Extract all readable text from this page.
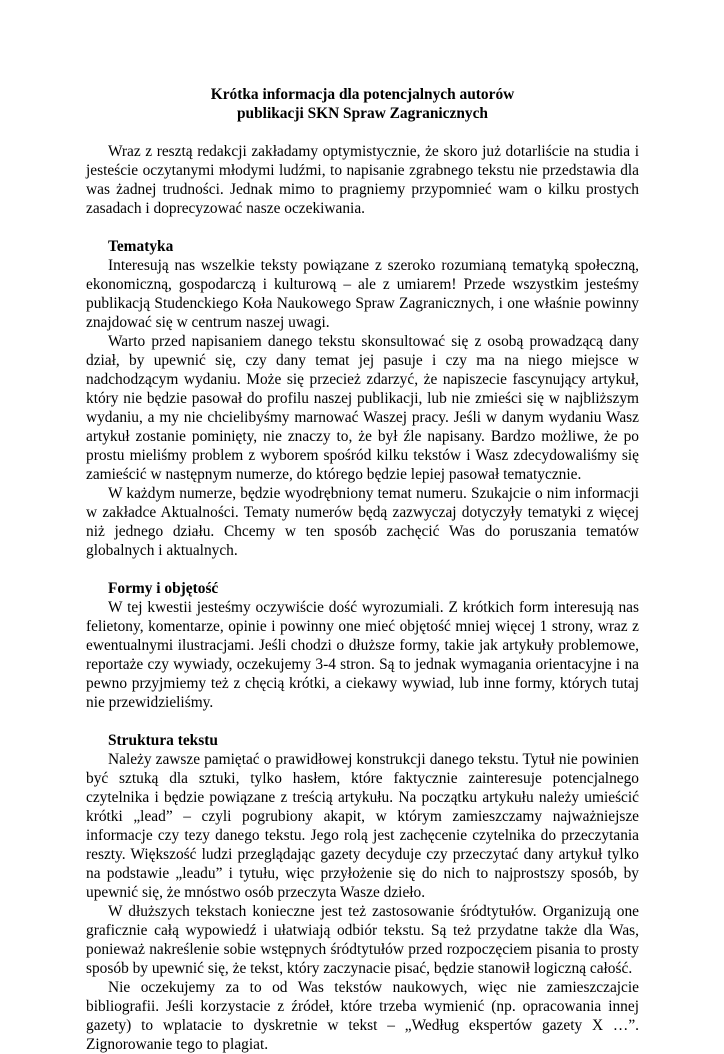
Krótka informacja dla potencjalnych autorów
publikacji SKN Spraw Zagranicznych

Wraz z resztą redakcji zakładamy optymistycznie, że skoro już dotarliście na studia i jesteście oczytanymi młodymi ludźmi, to napisanie zgrabnego tekstu nie przedstawia dla was żadnej trudności. Jednak mimo to pragniemy przypomnieć wam o kilku prostych zasadach i doprecyzować nasze oczekiwania.

Tematyka

Interesują nas wszelkie teksty powiązane z szeroko rozumianą tematyką społeczną, ekonomiczną, gospodarczą i kulturową – ale z umiarem! Przede wszystkim jesteśmy publikacją Studenckiego Koła Naukowego Spraw Zagranicznych, i one właśnie powinny znajdować się w centrum naszej uwagi.

Warto przed napisaniem danego tekstu skonsultować się z osobą prowadzącą dany dział, by upewnić się, czy dany temat jej pasuje i czy ma na niego miejsce w nadchodzącym wydaniu. Może się przecież zdarzyć, że napiszecie fascynujący artykuł, który nie będzie pasował do profilu naszej publikacji, lub nie zmieści się w najbliższym wydaniu, a my nie chcielibyśmy marnować Waszej pracy. Jeśli w danym wydaniu Wasz artykuł zostanie pominięty, nie znaczy to, że był źle napisany. Bardzo możliwe, że po prostu mieliśmy problem z wyborem spośród kilku tekstów i Wasz zdecydowaliśmy się zamieścić w następnym numerze, do którego będzie lepiej pasował tematycznie.

W każdym numerze, będzie wyodrębniony temat numeru. Szukajcie o nim informacji w zakładce Aktualności. Tematy numerów będą zazwyczaj dotyczyły tematyki z więcej niż jednego działu. Chcemy w ten sposób zachęcić Was do poruszania tematów globalnych i aktualnych.

Formy i objętość

W tej kwestii jesteśmy oczywiście dość wyrozumiali. Z krótkich form interesują nas felietony, komentarze, opinie i powinny one mieć objętość mniej więcej 1 strony, wraz z ewentualnymi ilustracjami. Jeśli chodzi o dłuższe formy, takie jak artykuły problemowe, reportaże czy wywiady, oczekujemy 3-4 stron. Są to jednak wymagania orientacyjne i na pewno przyjmiemy też z chęcią krótki, a ciekawy wywiad, lub inne formy, których tutaj nie przewidzieliśmy.

Struktura tekstu

Należy zawsze pamiętać o prawidłowej konstrukcji danego tekstu. Tytuł nie powinien być sztuką dla sztuki, tylko hasłem, które faktycznie zainteresuje potencjalnego czytelnika i będzie powiązane z treścią artykułu. Na początku artykułu należy umieścić krótki „lead” – czyli pogrubiony akapit, w którym zamieszczamy najważniejsze informacje czy tezy danego tekstu. Jego rolą jest zachęcenie czytelnika do przeczytania reszty. Większość ludzi przeglądając gazety decyduje czy przeczytać dany artykuł tylko na podstawie „leadu” i tytułu, więc przyłożenie się do nich to najprostszy sposób, by upewnić się, że mnóstwo osób przeczyta Wasze dzieło.

W dłuższych tekstach konieczne jest też zastosowanie śródtytułów. Organizują one graficznie całą wypowiedź i ułatwiają odbiór tekstu. Są też przydatne także dla Was, ponieważ nakreślenie sobie wstępnych śródtytułów przed rozpoczęciem pisania to prosty sposób by upewnić się, że tekst, który zaczynacie pisać, będzie stanowił logiczną całość.

Nie oczekujemy za to od Was tekstów naukowych, więc nie zamieszczajcie bibliografii. Jeśli korzystacie z źródeł, które trzeba wymienić (np. opracowania innej gazety) to wplatacie to dyskretnie w tekst – „Według ekspertów gazety X …”. Zignorowanie tego to plagiat.
